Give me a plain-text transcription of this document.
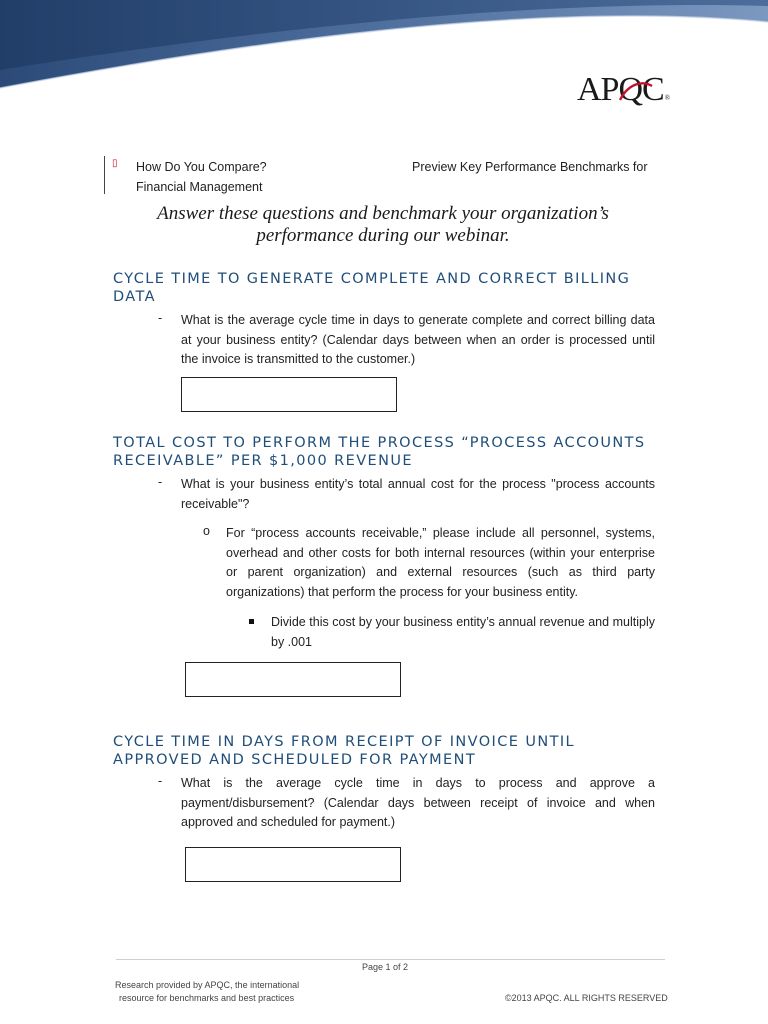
APQ
C®
▯ How Do You Compare?
Financial Management
Preview Key Performance Benchmarks for
Answer these questions and benchmark your organization’s
performance during our webinar.
CYCLE TIME TO GENERATE COMPLETE AND CORRECT BILLING
DATA
- What is the average cycle time in days to generate complete and correct billing data at your business entity? (Calendar days between when an order is processed until the invoice is transmitted to the customer.)
TOTAL COST TO PERFORM THE PROCESS “PROCESS ACCOUNTS
RECEIVABLE” PER $1,000 REVENUE
- What is your business entity’s total annual cost for the process "process accounts receivable"?
o For “process accounts receivable,” please include all personnel, systems, overhead and other costs for both internal resources (within your enterprise or parent organization) and external resources (such as third party organizations) that perform the process for your business entity.
Divide this cost by your business entity’s annual revenue and multiply by .001
CYCLE TIME IN DAYS FROM RECEIPT OF INVOICE UNTIL
APPROVED AND SCHEDULED FOR PAYMENT
- What is the average cycle time in days to process and approve a payment/disbursement? (Calendar days between receipt of invoice and when approved and scheduled for payment.)
Page 1 of 2
Research provided by APQC, the international
resource for benchmarks and best practices	©2013 APQC. ALL RIGHTS RESERVED
